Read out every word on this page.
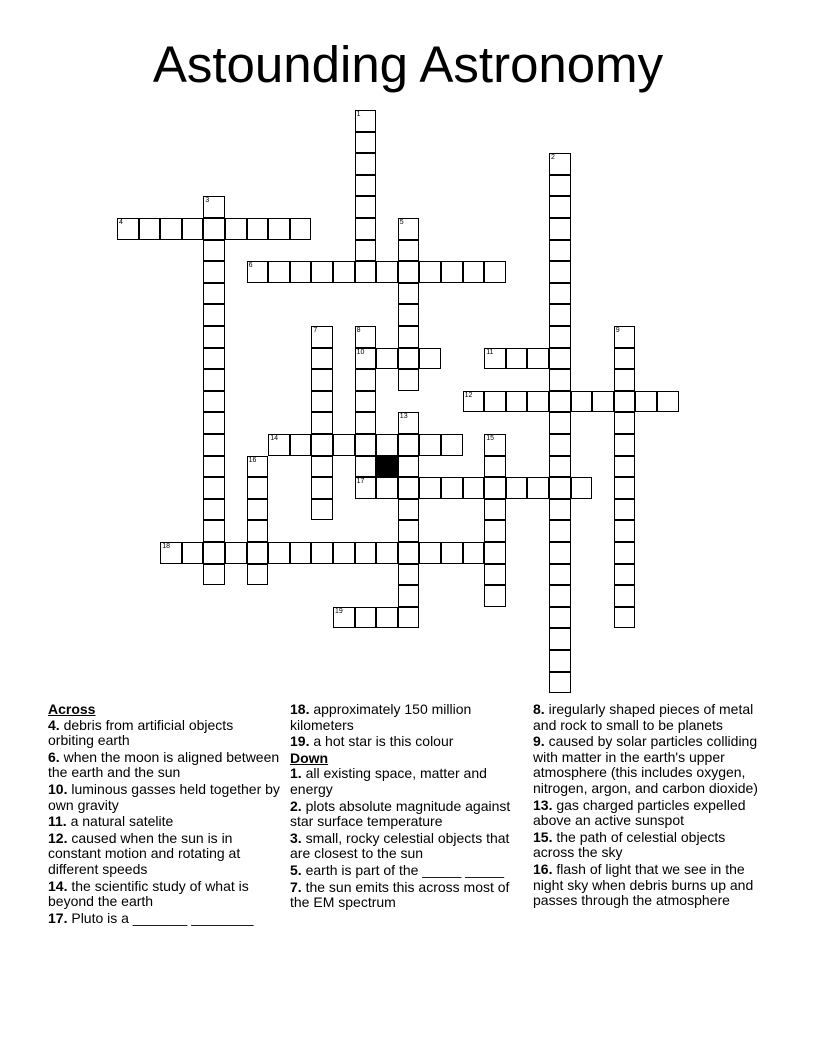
Astounding Astronomy
1
2
3
4	5
6
7	8
10
9
11
12
13
14	15
16
17
18
19
Across
4. debris from artificial objects orbiting earth
6. when the moon is aligned between the earth and the sun
10. luminous gasses held together by own gravity
11. a natural satelite
12. caused when the sun is in constant motion and rotating at different speeds
14. the scientific study of what is beyond the earth
17. Pluto is a _______ ________
18. approximately 150 million kilometers
19. a hot star is this colour
Down
1. all existing space, matter and energy
2. plots absolute magnitude against star surface temperature
3. small, rocky celestial objects that are closest to the sun
5. earth is part of the _____ _____
7. the sun emits this across most of the EM spectrum
8. iregularly shaped pieces of metal and rock to small to be planets
9. caused by solar particles colliding with matter in the earth's upper atmosphere (this includes oxygen, nitrogen, argon, and carbon dioxide)
13. gas charged particles expelled above an active sunspot
15. the path of celestial objects across the sky
16. flash of light that we see in the night sky when debris burns up and passes through the atmosphere
